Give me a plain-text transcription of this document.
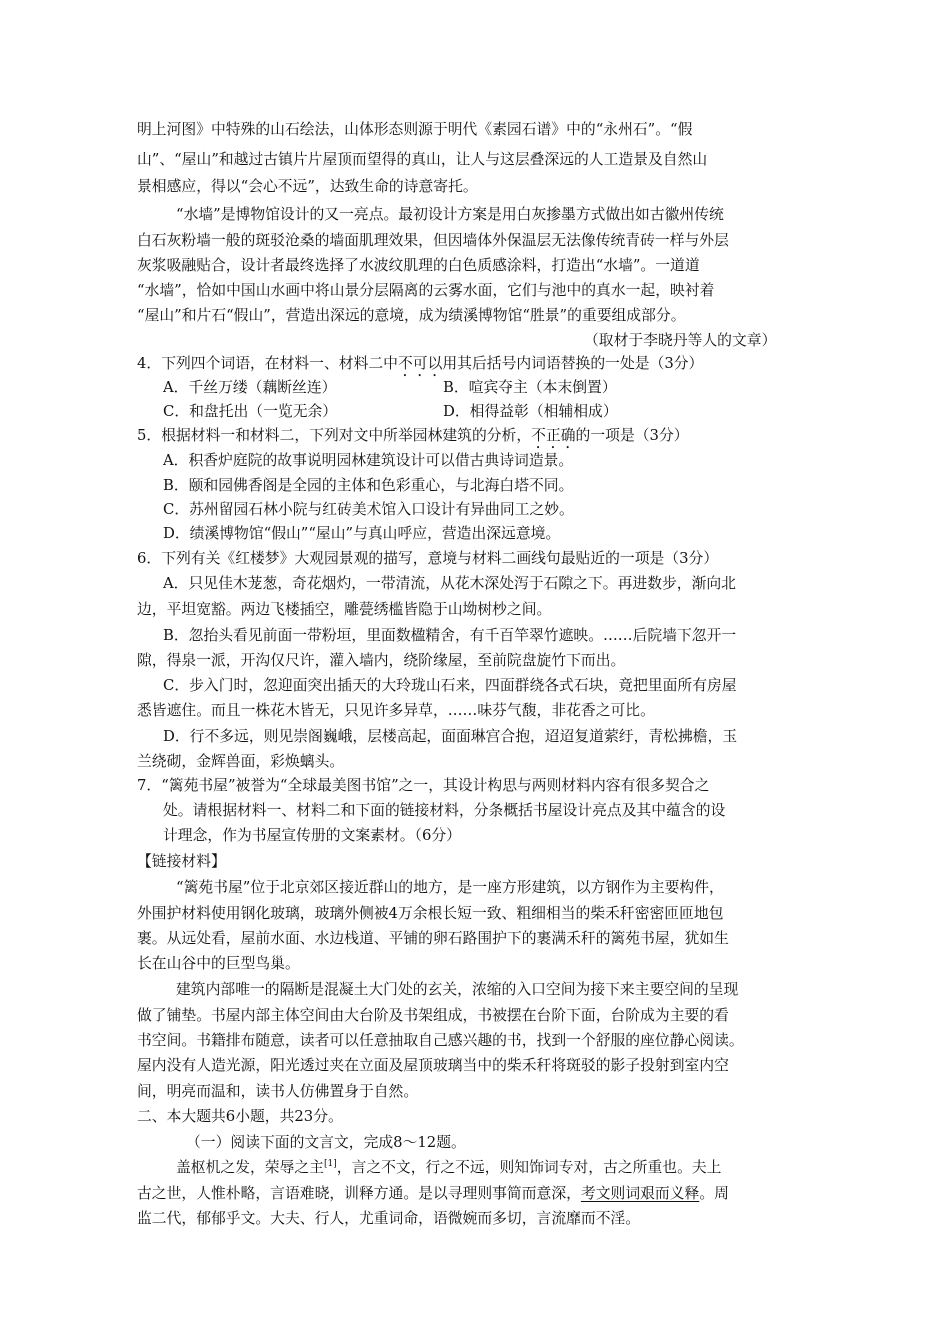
明上河图》中特殊的山石绘法，山体形态则源于明代《素园石谱》中的“永州石”。“假
山”、“屋山”和越过古镇片片屋顶而望得的真山，让人与这层叠深远的人工造景及自然山
景相感应，得以“会心不远”，达致生命的诗意寄托。
“水墙”是博物馆设计的又一亮点。最初设计方案是用白灰掺墨方式做出如古徽州传统
白石灰粉墙一般的斑驳沧桑的墙面肌理效果，但因墙体外保温层无法像传统青砖一样与外层
灰浆吸融贴合，设计者最终选择了水波纹肌理的白色质感涂料，打造出“水墙”。一道道
“水墙”，恰如中国山水画中将山景分层隔离的云雾水面，它们与池中的真水一起，映衬着
“屋山”和片石“假山”，营造出深远的意境，成为绩溪博物馆“胜景”的重要组成部分。
（取材于李晓丹等人的文章）
4．下列四个词语，在材料一、材料二中不可以用其后括号内词语替换的一处是（3分）
A．千丝万缕（藕断丝连）	B．喧宾夺主（本末倒置）
C．和盘托出（一览无余）	D．相得益彰（相辅相成）
5．根据材料一和材料二，下列对文中所举园林建筑的分析，不正确的一项是（3分）
A．积香炉庭院的故事说明园林建筑设计可以借古典诗词造景。
B．颐和园佛香阁是全园的主体和色彩重心，与北海白塔不同。
C．苏州留园石林小院与红砖美术馆入口设计有异曲同工之妙。
D．绩溪博物馆“假山”“屋山”与真山呼应，营造出深远意境。
6．下列有关《红楼梦》大观园景观的描写，意境与材料二画线句最贴近的一项是（3分）
A．只见佳木茏葱，奇花烟灼，一带清流，从花木深处泻于石隙之下。再进数步，渐向北
边，平坦宽豁。两边飞楼插空，雕甍绣槛皆隐于山坳树杪之间。
B．忽抬头看见前面一带粉垣，里面数楹精舍，有千百竿翠竹遮映。……后院墙下忽开一
隙，得泉一派，开沟仅尺许，灌入墙内，绕阶缘屋，至前院盘旋竹下而出。
C．步入门时，忽迎面突出插天的大玲珑山石来，四面群绕各式石块，竟把里面所有房屋
悉皆遮住。而且一株花木皆无，只见许多异草，……味芬气馥，非花香之可比。
D．行不多远，则见崇阁巍峨，层楼高起，面面琳宫合抱，迢迢复道萦纡，青松拂檐，玉
兰绕砌，金辉兽面，彩焕螭头。
7．“篱苑书屋”被誉为“全球最美图书馆”之一，其设计构思与两则材料内容有很多契合之
处。请根据材料一、材料二和下面的链接材料，分条概括书屋设计亮点及其中蕴含的设
计理念，作为书屋宣传册的文案素材。（6分）
【链接材料】
“篱苑书屋”位于北京郊区接近群山的地方，是一座方形建筑，以方钢作为主要构件，
外围护材料使用钢化玻璃，玻璃外侧被4万余根长短一致、粗细相当的柴禾秆密密匝匝地包
裹。从远处看，屋前水面、水边栈道、平铺的卵石路围护下的裹满禾秆的篱苑书屋，犹如生
长在山谷中的巨型鸟巢。
建筑内部唯一的隔断是混凝土大门处的玄关，浓缩的入口空间为接下来主要空间的呈现
做了铺垫。书屋内部主体空间由大台阶及书架组成，书被摆在台阶下面，台阶成为主要的看
书空间。书籍排布随意，读者可以任意抽取自己感兴趣的书，找到一个舒服的座位静心阅读。
屋内没有人造光源，阳光透过夹在立面及屋顶玻璃当中的柴禾秆将斑驳的影子投射到室内空
间，明亮而温和，读书人仿佛置身于自然。
二、本大题共6小题，共23分。
（一）阅读下面的文言文，完成8～12题。
盖枢机之发，荣辱之主[1]，言之不文，行之不远，则知饰词专对，古之所重也。夫上
古之世，人惟朴略，言语难晓，训释方通。是以寻理则事简而意深，考文则词艰而义释。周
监二代，郁郁乎文。大夫、行人，尤重词命，语微婉而多切，言流靡而不淫。
